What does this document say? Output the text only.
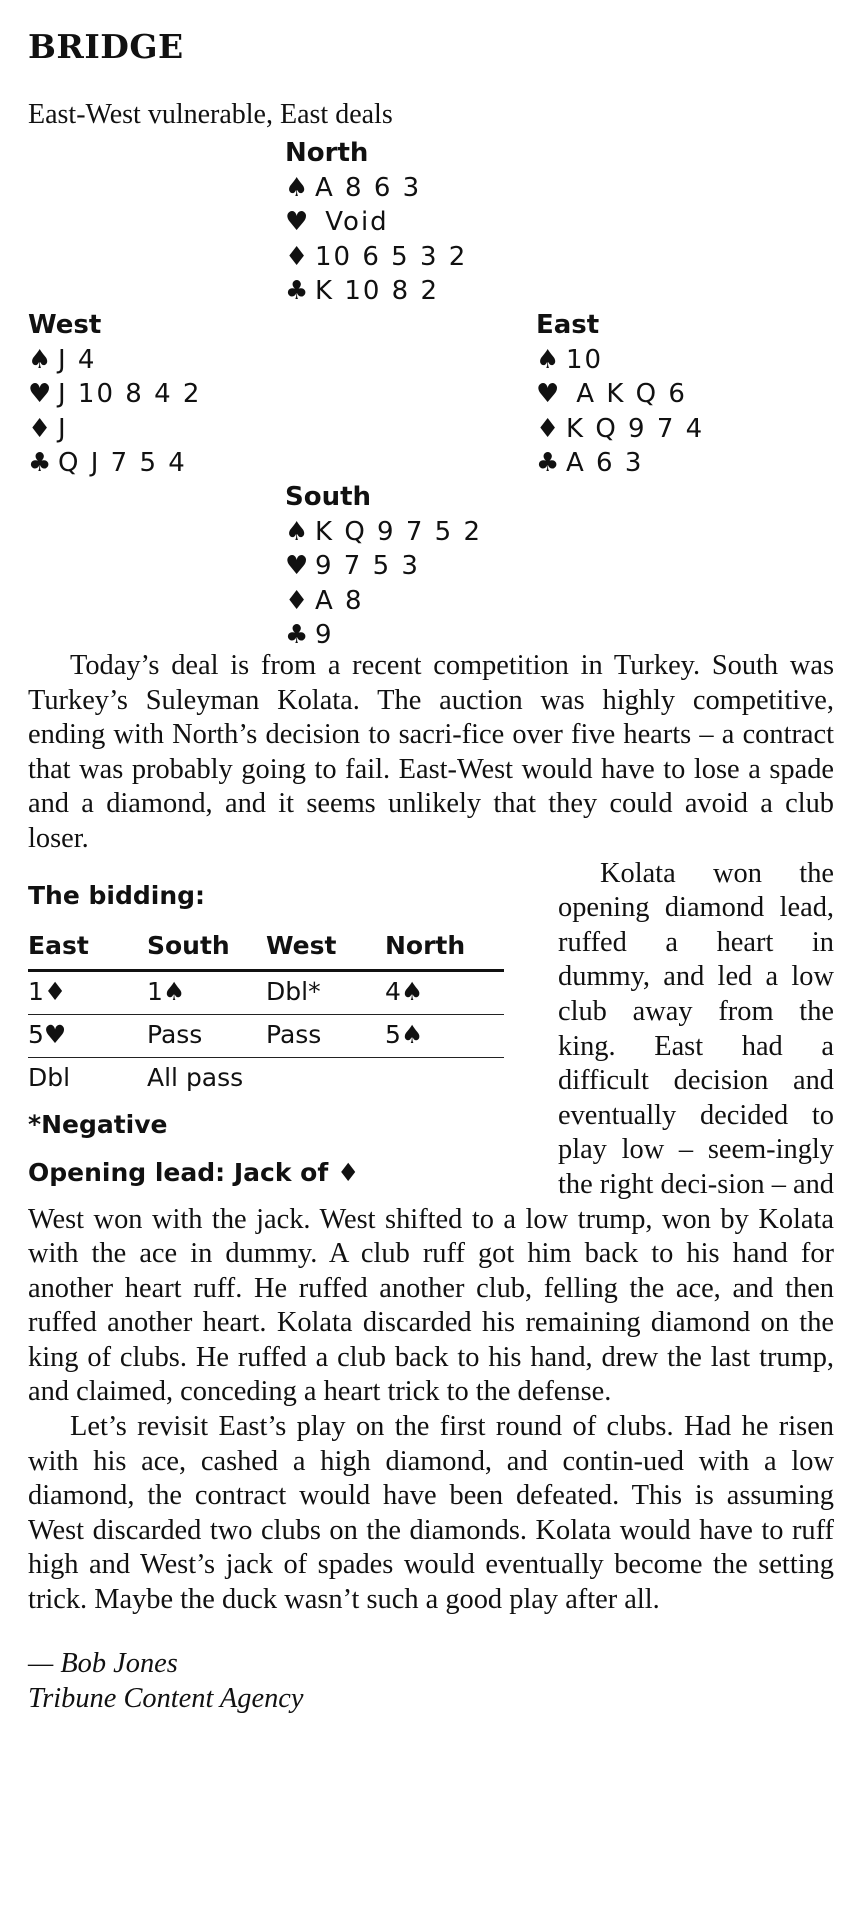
BRIDGE
East-West vulnerable, East deals
North
♠ A 8 6 3
♥ Void
♦ 10 6 5 3 2
♣ K 10 8 2
West
♠ J 4
♥ J 10 8 4 2
♦ J
♣ Q J 7 5 4
East
♠ 10
♥ A K Q 6
♦ K Q 9 7 4
♣ A 6 3
South
♠ K Q 9 7 5 2
♥ 9 7 5 3
♦ A 8
♣ 9

Today’s deal is from a recent competition in Turkey. South was Turkey’s Suleyman Kolata. The auction was highly competitive, ending with North’s decision to sacri-fice over five hearts – a contract that was probably going to fail. East-West would have to lose a spade and a diamond, and it seems unlikely that they could avoid a club loser.

The bidding:
East	South	West	North
1♦	1♠	Dbl*	4♠
5♥	Pass	Pass	5♠
Dbl	All pass		
*Negative
Opening lead: Jack of ♦

Kolata won the opening diamond lead, ruffed a heart in dummy, and led a low club away from the king. East had a difficult decision and eventually decided to play low – seem-ingly the right deci-sion – and West won with the jack. West shifted to a low trump, won by Kolata with the ace in dummy. A club ruff got him back to his hand for another heart ruff. He ruffed another club, felling the ace, and then ruffed another heart. Kolata discarded his remaining diamond on the king of clubs. He ruffed a club back to his hand, drew the last trump, and claimed, conceding a heart trick to the defense.

Let’s revisit East’s play on the first round of clubs. Had he risen with his ace, cashed a high diamond, and contin-ued with a low diamond, the contract would have been defeated. This is assuming West discarded two clubs on the diamonds. Kolata would have to ruff high and West’s jack of spades would eventually become the setting trick. Maybe the duck wasn’t such a good play after all.

— Bob Jones
Tribune Content Agency
